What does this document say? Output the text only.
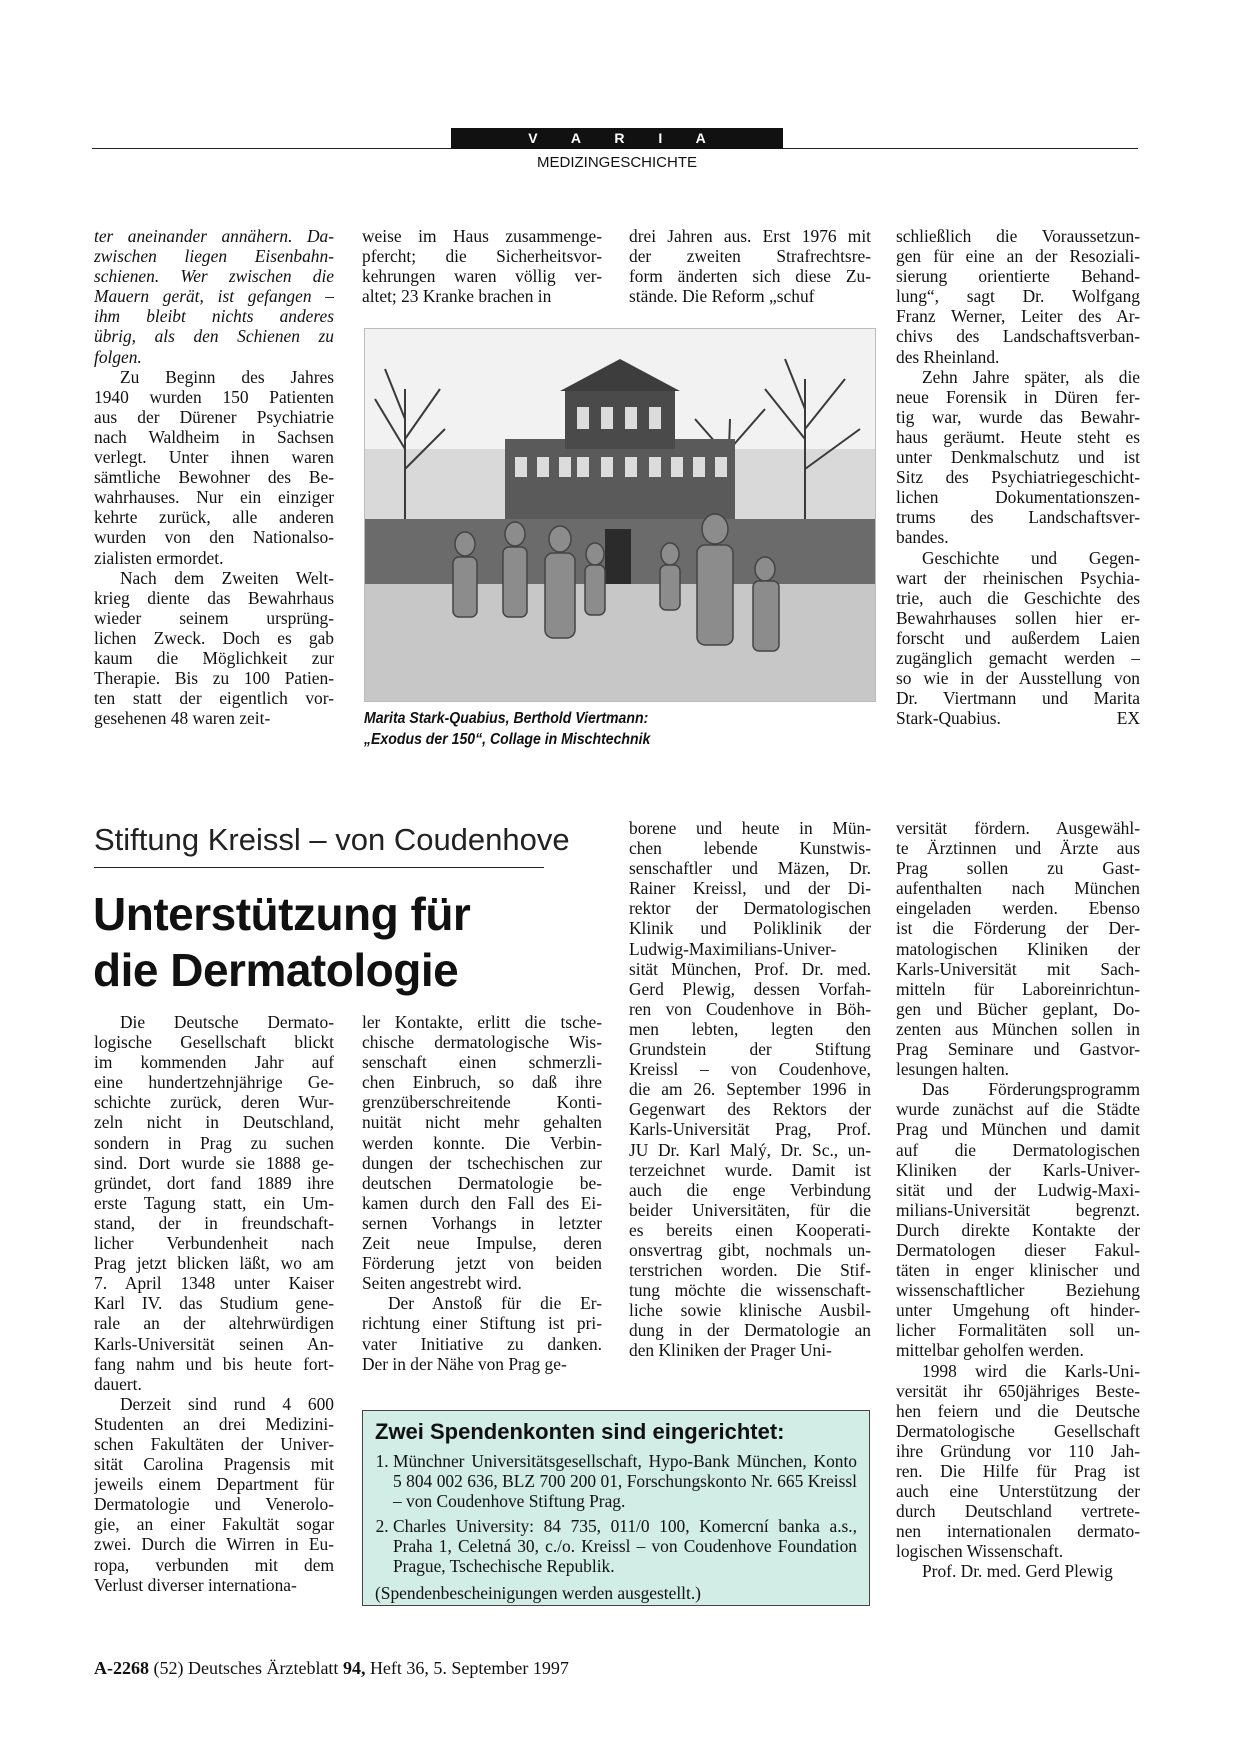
V A R I A
MEDIZINGESCHICHTE
ter aneinander annähern. Da-
zwischen liegen Eisenbahn-
schienen. Wer zwischen die
Mauern gerät, ist gefangen –
ihm bleibt nichts anderes
übrig, als den Schienen zu
folgen.
Zu Beginn des Jahres
1940 wurden 150 Patienten
aus der Dürener Psychiatrie
nach Waldheim in Sachsen
verlegt. Unter ihnen waren
sämtliche Bewohner des Be-
wahrhauses. Nur ein einziger
kehrte zurück, alle anderen
wurden von den Nationalso-
zialisten ermordet.
Nach dem Zweiten Welt-
krieg diente das Bewahrhaus
wieder seinem ursprüng-
lichen Zweck. Doch es gab
kaum die Möglichkeit zur
Therapie. Bis zu 100 Patien-
ten statt der eigentlich vor-
gesehenen 48 waren zeit-
weise im Haus zusammenge-
pfercht; die Sicherheitsvor-
kehrungen waren völlig ver-
altet; 23 Kranke brachen in
drei Jahren aus. Erst 1976 mit
der zweiten Strafrechtsre-
form änderten sich diese Zu-
stände. Die Reform „schuf
schließlich die Voraussetzun-
gen für eine an der Resoziali-
sierung orientierte Behand-
lung“, sagt Dr. Wolfgang
Franz Werner, Leiter des Ar-
chivs des Landschaftsverban-
des Rheinland.
Zehn Jahre später, als die
neue Forensik in Düren fer-
tig war, wurde das Bewahr-
haus geräumt. Heute steht es
unter Denkmalschutz und ist
Sitz des Psychiatriegeschicht-
lichen Dokumentationszen-
trums des Landschaftsver-
bandes.
Geschichte und Gegen-
wart der rheinischen Psychia-
trie, auch die Geschichte des
Bewahrhauses sollen hier er-
forscht und außerdem Laien
zugänglich gemacht werden –
so wie in der Ausstellung von
Dr. Viertmann und Marita
Stark-Quabius.	EX
Marita Stark-Quabius, Berthold Viertmann:
„Exodus der 150“, Collage in Mischtechnik
Stiftung Kreissl – von Coudenhove
Unterstützung für
die Dermatologie
Die Deutsche Dermato-
logische Gesellschaft blickt
im kommenden Jahr auf
eine hundertzehnjährige Ge-
schichte zurück, deren Wur-
zeln nicht in Deutschland,
sondern in Prag zu suchen
sind. Dort wurde sie 1888 ge-
gründet, dort fand 1889 ihre
erste Tagung statt, ein Um-
stand, der in freundschaft-
licher Verbundenheit nach
Prag jetzt blicken läßt, wo am
7. April 1348 unter Kaiser
Karl IV. das Studium gene-
rale an der altehrwürdigen
Karls-Universität seinen An-
fang nahm und bis heute fort-
dauert.
Derzeit sind rund 4 600
Studenten an drei Medizini-
schen Fakultäten der Univer-
sität Carolina Pragensis mit
jeweils einem Department für
Dermatologie und Venerolo-
gie, an einer Fakultät sogar
zwei. Durch die Wirren in Eu-
ropa, verbunden mit dem
Verlust diverser internationa-
ler Kontakte, erlitt die tsche-
chische dermatologische Wis-
senschaft einen schmerzli-
chen Einbruch, so daß ihre
grenzüberschreitende Konti-
nuität nicht mehr gehalten
werden konnte. Die Verbin-
dungen der tschechischen zur
deutschen Dermatologie be-
kamen durch den Fall des Ei-
sernen Vorhangs in letzter
Zeit neue Impulse, deren
Förderung jetzt von beiden
Seiten angestrebt wird.
Der Anstoß für die Er-
richtung einer Stiftung ist pri-
vater Initiative zu danken.
Der in der Nähe von Prag ge-
borene und heute in Mün-
chen lebende Kunstwis-
senschaftler und Mäzen, Dr.
Rainer Kreissl, und der Di-
rektor der Dermatologischen
Klinik und Poliklinik der
Ludwig-Maximilians-Univer-
sität München, Prof. Dr. med.
Gerd Plewig, dessen Vorfah-
ren von Coudenhove in Böh-
men lebten, legten den
Grundstein der Stiftung
Kreissl – von Coudenhove,
die am 26. September 1996 in
Gegenwart des Rektors der
Karls-Universität Prag, Prof.
JU Dr. Karl Malý, Dr. Sc., un-
terzeichnet wurde. Damit ist
auch die enge Verbindung
beider Universitäten, für die
es bereits einen Kooperati-
onsvertrag gibt, nochmals un-
terstrichen worden. Die Stif-
tung möchte die wissenschaft-
liche sowie klinische Ausbil-
dung in der Dermatologie an
den Kliniken der Prager Uni-
versität fördern. Ausgewähl-
te Ärztinnen und Ärzte aus
Prag sollen zu Gast-
aufenthalten nach München
eingeladen werden. Ebenso
ist die Förderung der Der-
matologischen Kliniken der
Karls-Universität mit Sach-
mitteln für Laboreinrichtun-
gen und Bücher geplant, Do-
zenten aus München sollen in
Prag Seminare und Gastvor-
lesungen halten.
Das Förderungsprogramm
wurde zunächst auf die Städte
Prag und München und damit
auf die Dermatologischen
Kliniken der Karls-Univer-
sität und der Ludwig-Maxi-
milians-Universität begrenzt.
Durch direkte Kontakte der
Dermatologen dieser Fakul-
täten in enger klinischer und
wissenschaftlicher Beziehung
unter Umgehung oft hinder-
licher Formalitäten soll un-
mittelbar geholfen werden.
1998 wird die Karls-Uni-
versität ihr 650jähriges Beste-
hen feiern und die Deutsche
Dermatologische Gesellschaft
ihre Gründung vor 110 Jah-
ren. Die Hilfe für Prag ist
auch eine Unterstützung der
durch Deutschland vertrete-
nen internationalen dermato-
logischen Wissenschaft.
Prof. Dr. med. Gerd Plewig
Zwei Spendenkonten sind eingerichtet:
1. Münchner Universitätsgesellschaft, Hypo-Bank München, Konto 5 804 002 636, BLZ 700 200 01, Forschungskonto Nr. 665 Kreissl – von Coudenhove Stiftung Prag.
2. Charles University: 84 735, 011/0 100, Komercní banka a.s., Praha 1, Celetná 30, c./o. Kreissl – von Coudenhove Foundation Prague, Tschechische Republik.
(Spendenbescheinigungen werden ausgestellt.)
A-2268 (52) Deutsches Ärzteblatt 94, Heft 36, 5. September 1997
